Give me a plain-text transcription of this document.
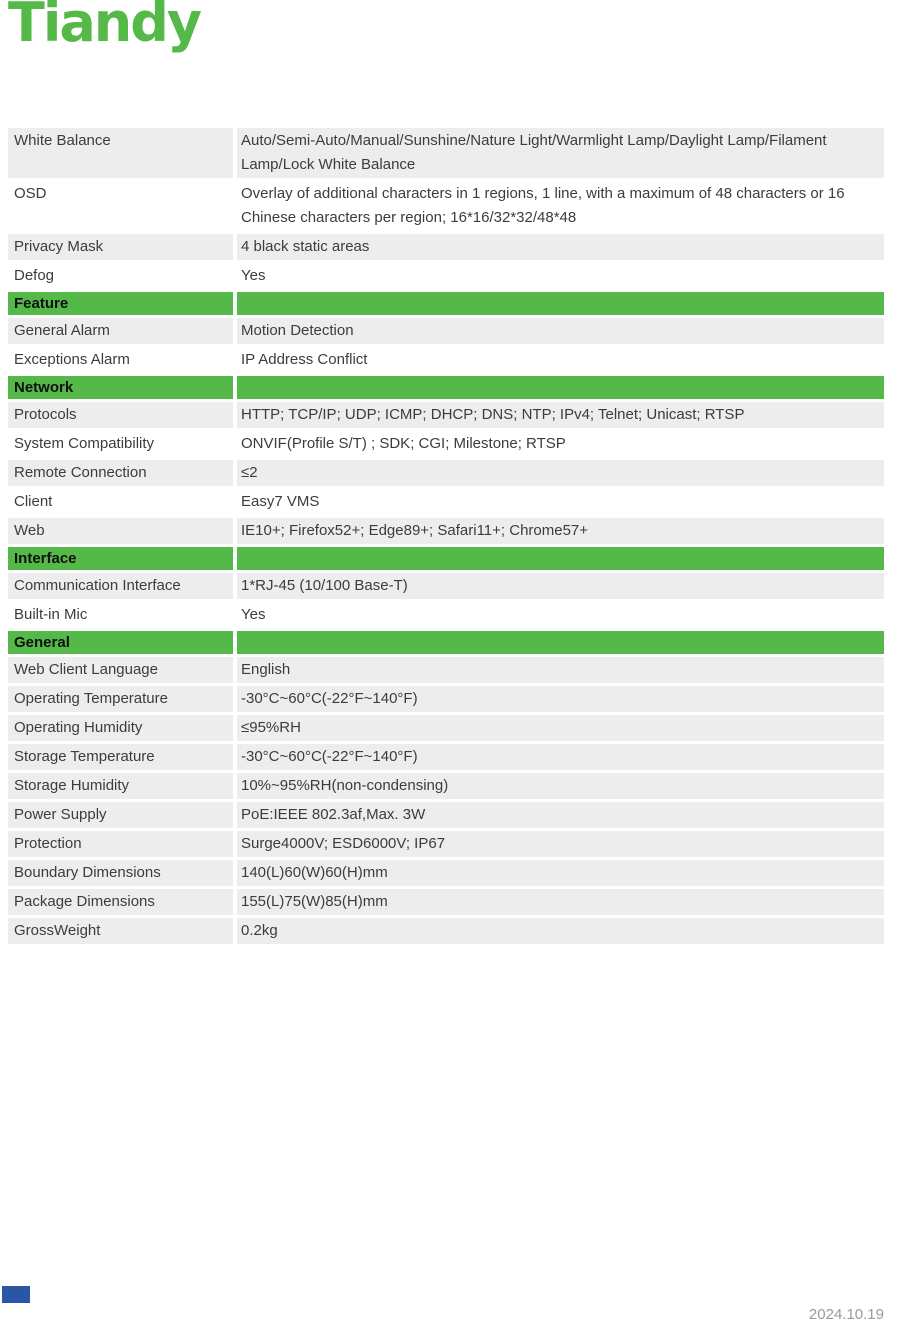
Tiandy
White Balance	Auto/Semi-Auto/Manual/Sunshine/Nature Light/Warmlight Lamp/Daylight Lamp/Filament Lamp/Lock White Balance
OSD	Overlay of additional characters in 1 regions, 1 line, with a maximum of 48 characters or 16 Chinese characters per region; 16*16/32*32/48*48
Privacy Mask	4 black static areas
Defog	Yes
Feature
General Alarm	Motion Detection
Exceptions Alarm	IP Address Conflict
Network
Protocols	HTTP; TCP/IP; UDP; ICMP; DHCP; DNS; NTP; IPv4; Telnet; Unicast; RTSP
System Compatibility	ONVIF(Profile S/T) ; SDK; CGI; Milestone; RTSP
Remote Connection	≤2
Client	Easy7 VMS
Web	IE10+; Firefox52+; Edge89+; Safari11+; Chrome57+
Interface
Communication Interface	1*RJ-45 (10/100 Base-T)
Built-in Mic	Yes
General
Web Client Language	English
Operating Temperature	-30°C~60°C(-22°F~140°F)
Operating Humidity	≤95%RH
Storage Temperature	-30°C~60°C(-22°F~140°F)
Storage Humidity	10%~95%RH(non-condensing)
Power Supply	PoE:IEEE 802.3af,Max. 3W
Protection	Surge4000V; ESD6000V; IP67
Boundary Dimensions	140(L)60(W)60(H)mm
Package Dimensions	155(L)75(W)85(H)mm
GrossWeight	0.2kg
2024.10.19
